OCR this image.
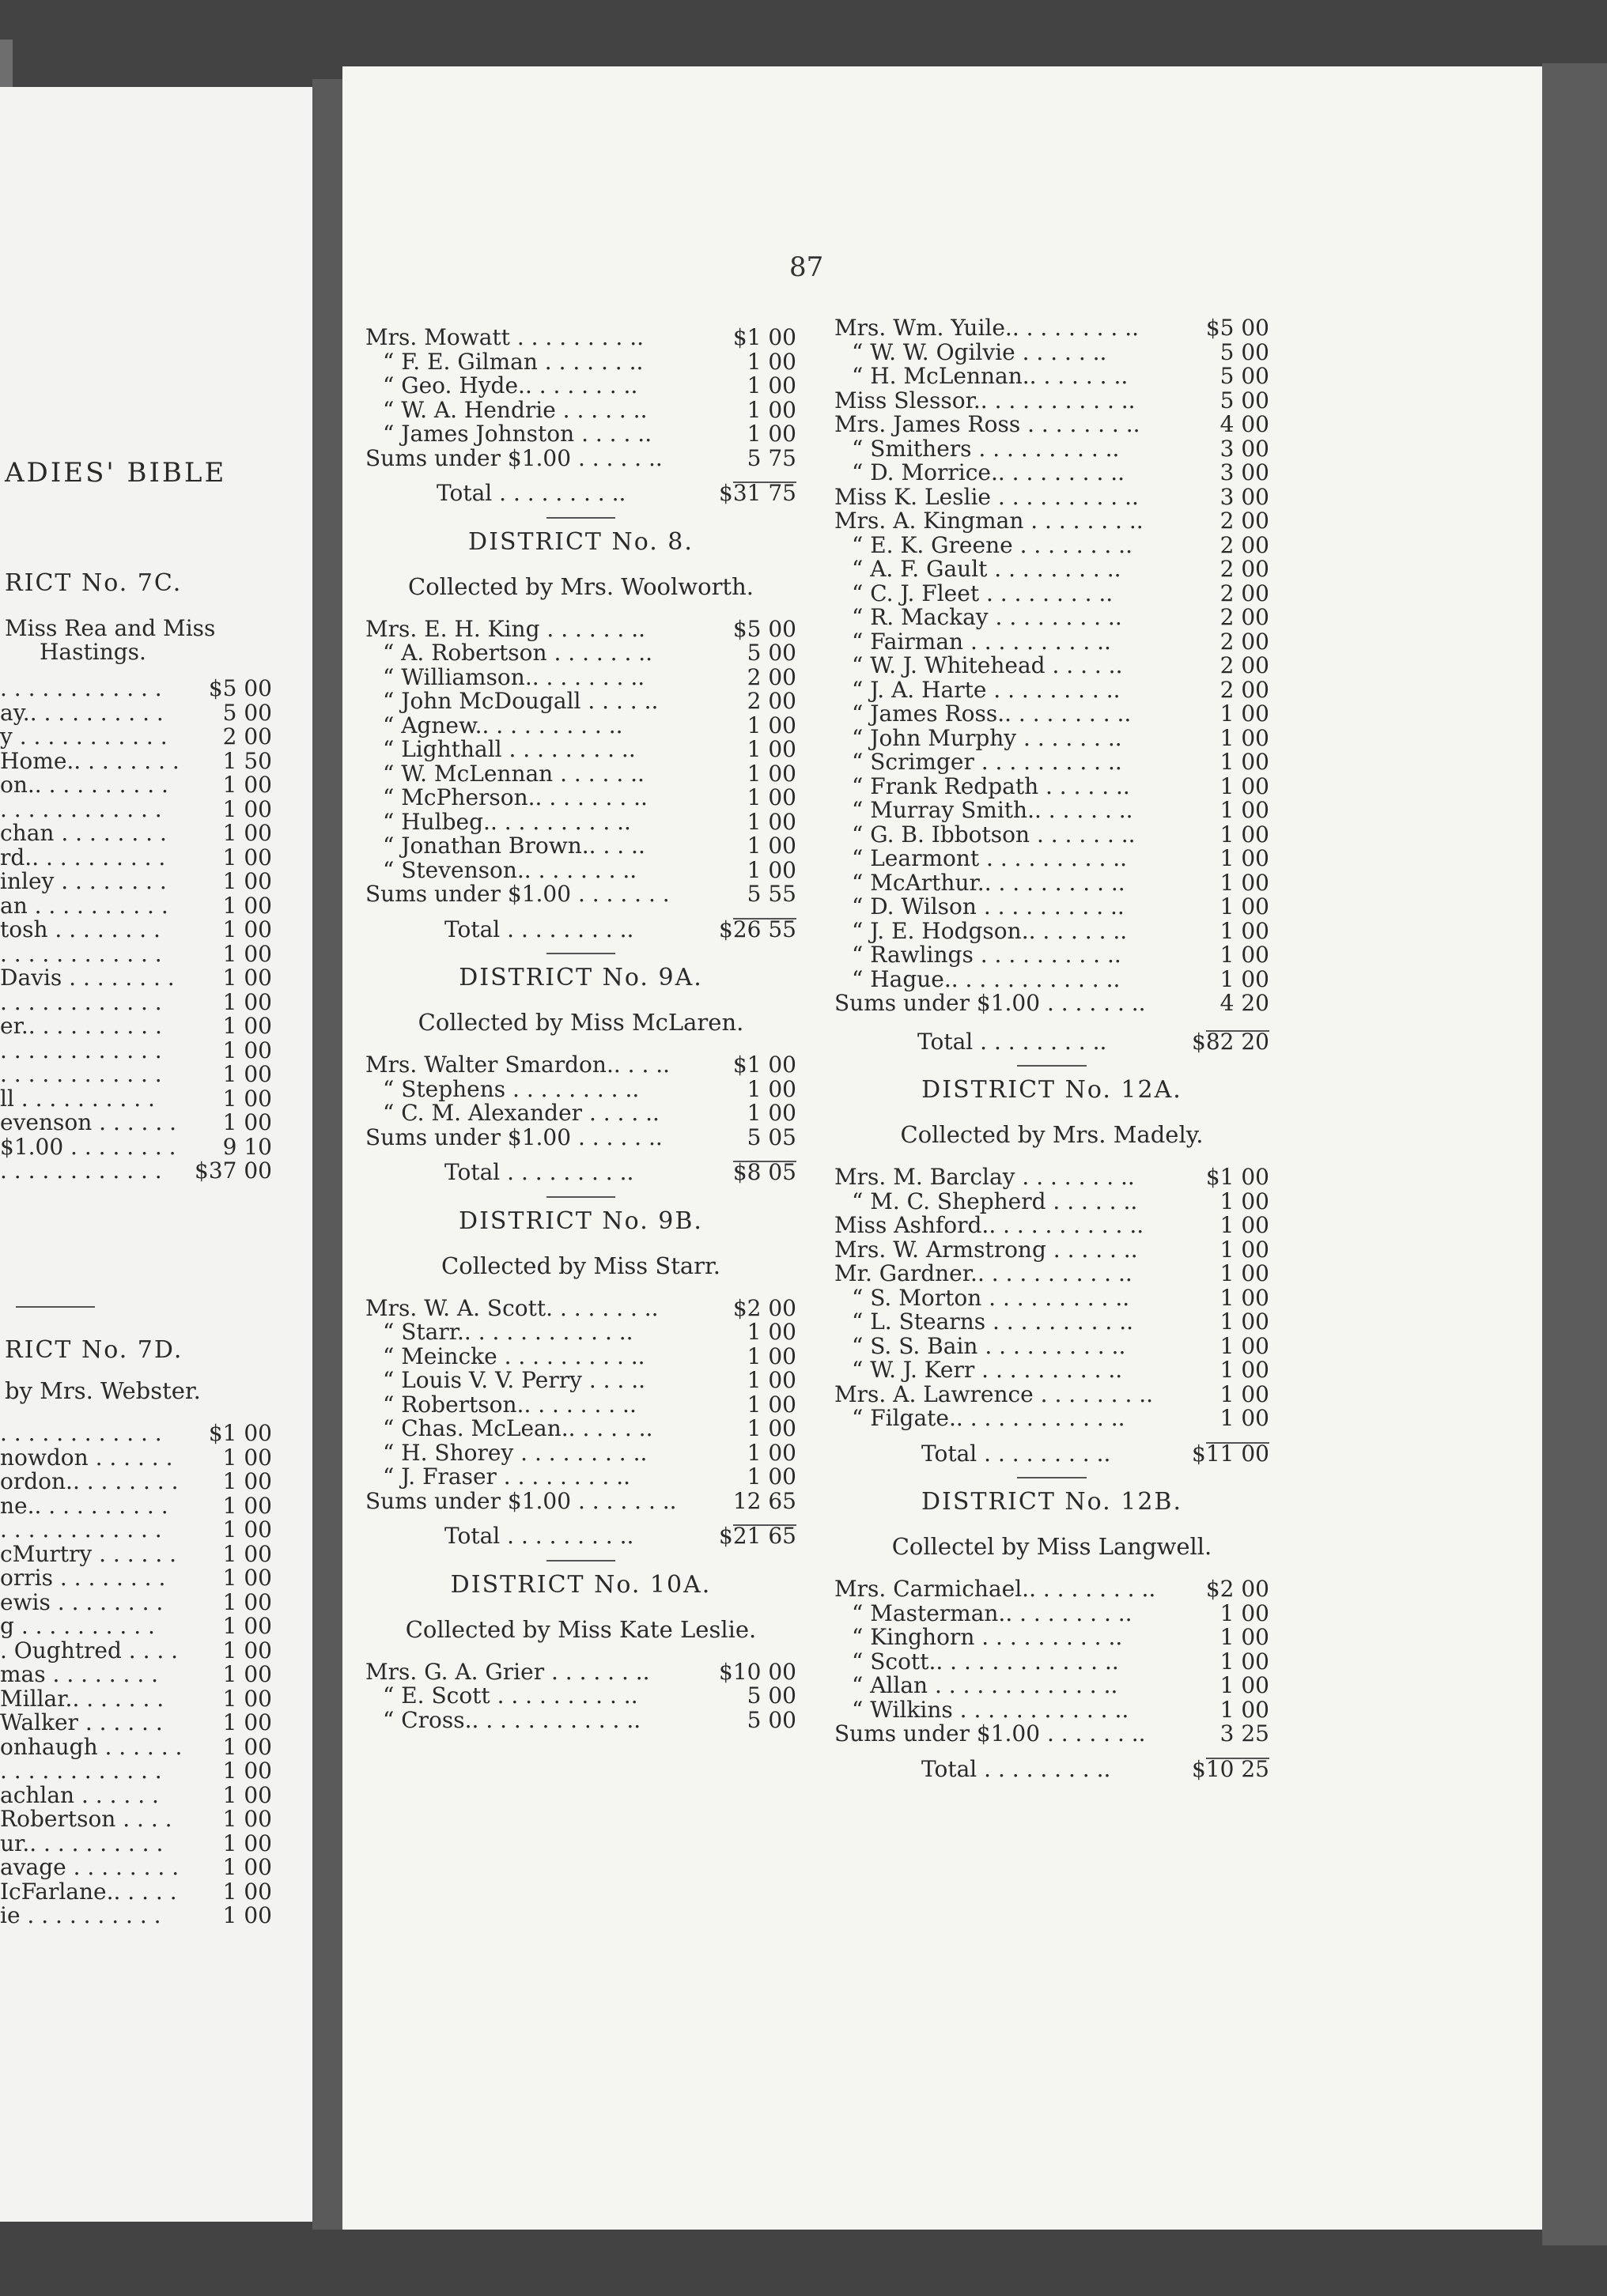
ADIES' BIBLE
RICT No. 7C.
Miss Rea and Miss
Hastings.
. . . . . . . . . . . . $5 00
ay.. . . . . . . . . .	5 00
y . . . . . . . . . . .	2 00
Home.. . . . . . . . 1 50
on.. . . . . . . . . . 1 00
. . . . . . . . . . . .	1 00
chan . . . . . . . .	1 00
rd.. . . . . . . . . .	1 00
inley . . . . . . . .	1 00
an . . . . . . . . . . 1 00
tosh . . . . . . . .	1 00
. . . . . . . . . . . .	1 00
Davis . . . . . . . . 1 00
. . . . . . . . . . . .	1 00
er.. . . . . . . . . .	1 00
. . . . . . . . . . . .	1 00
. . . . . . . . . . . .	1 00
ll . . . . . . . . . .	1 00
evenson . . . . . . 1 00
$1.00 . . . . . . . . 9 10
. . . . . . . . . . . . $37 00
RICT No. 7D.
by Mrs. Webster.
. . . . . . . . . . . . $1 00
nowdon . . . . . . 1 00
ordon.. . . . . . . . 1 00
ne.. . . . . . . . . . 1 00
. . . . . . . . . . . .	1 00
cMurtry . . . . . . 1 00
orris . . . . . . . .	1 00
ewis . . . . . . . .	1 00
g . . . . . . . . . .	1 00
. Oughtred . . . . 1 00
mas . . . . . . . .	1 00
Millar.. . . . . . .	1 00
Walker . . . . . .	1 00
onhaugh . . . . . . 1 00
. . . . . . . . . . . .	1 00
achlan . . . . . .	1 00
Robertson . . . . 1 00
ur.. . . . . . . . . .	1 00
avage . . . . . . . . 1 00
IcFarlane.. . . . . 1 00
ie . . . . . . . . . .	1 00
87
Mrs. Mowatt . . . . . . . . ..	$1 00
“ F. E. Gilman . . . . . . ..	1 00
“ Geo. Hyde.. . . . . . . ..	1 00
“ W. A. Hendrie . . . . . ..	1 00
“ James Johnston . . . . ..	1 00
Sums under $1.00 . . . . . ..	5 75
Total . . . . . . . . ..	$31 75
DISTRICT No. 8.
Collected by Mrs. Woolworth.
Mrs. E. H. King . . . . . . ..	$5 00
“ A. Robertson . . . . . . ..	5 00
“ Williamson.. . . . . . . ..	2 00
“ John McDougall . . . . ..	2 00
“ Agnew.. . . . . . . . . ..	1 00
“ Lighthall . . . . . . . . ..	1 00
“ W. McLennan . . . . . ..	1 00
“ McPherson.. . . . . . . ..	1 00
“ Hulbeg.. . . . . . . . . ..	1 00
“ Jonathan Brown.. . . ..	1 00
“ Stevenson.. . . . . . . ..	1 00
Sums under $1.00 . . . . . . .	5 55
Total . . . . . . . . ..	$26 55
DISTRICT No. 9A.
Collected by Miss McLaren.
Mrs. Walter Smardon.. . . ..	$1 00
“ Stephens . . . . . . . . ..	1 00
“ C. M. Alexander . . . . ..	1 00
Sums under $1.00 . . . . . ..	5 05
Total . . . . . . . . ..	$8 05
DISTRICT No. 9B.
Collected by Miss Starr.
Mrs. W. A. Scott. . . . . . . ..	$2 00
“ Starr.. . . . . . . . . . . ..	1 00
“ Meincke . . . . . . . . . ..	1 00
“ Louis V. V. Perry . . . ..	1 00
“ Robertson.. . . . . . . ..	1 00
“ Chas. McLean.. . . . . ..	1 00
“ H. Shorey . . . . . . . . ..	1 00
“ J. Fraser . . . . . . . . ..	1 00
Sums under $1.00 . . . . . . ..	12 65
Total . . . . . . . . ..	$21 65
DISTRICT No. 10A.
Collected by Miss Kate Leslie.
Mrs. G. A. Grier . . . . . . ..	$10 00
“ E. Scott . . . . . . . . . ..	5 00
“ Cross.. . . . . . . . . . . ..	5 00
Mrs. Wm. Yuile.. . . . . . . . ..	$5 00
“ W. W. Ogilvie . . . . . ..	5 00
“ H. McLennan.. . . . . . ..	5 00
Miss Slessor.. . . . . . . . . . ..	5 00
Mrs. James Ross . . . . . . . ..	4 00
“ Smithers . . . . . . . . . ..	3 00
“ D. Morrice.. . . . . . . . ..	3 00
Miss K. Leslie . . . . . . . . . ..	3 00
Mrs. A. Kingman . . . . . . . ..	2 00
“ E. K. Greene . . . . . . . ..	2 00
“ A. F. Gault . . . . . . . . ..	2 00
“ C. J. Fleet . . . . . . . . ..	2 00
“ R. Mackay . . . . . . . . ..	2 00
“ Fairman . . . . . . . . . ..	2 00
“ W. J. Whitehead . . . . ..	2 00
“ J. A. Harte . . . . . . . . ..	2 00
“ James Ross.. . . . . . . . ..	1 00
“ John Murphy . . . . . . ..	1 00
“ Scrimger . . . . . . . . . ..	1 00
“ Frank Redpath . . . . . ..	1 00
“ Murray Smith.. . . . . . ..	1 00
“ G. B. Ibbotson . . . . . . ..	1 00
“ Learmont . . . . . . . . . ..	1 00
“ McArthur.. . . . . . . . . ..	1 00
“ D. Wilson . . . . . . . . . ..	1 00
“ J. E. Hodgson.. . . . . . ..	1 00
“ Rawlings . . . . . . . . . ..	1 00
“ Hague.. . . . . . . . . . . ..	1 00
Sums under $1.00 . . . . . . ..	4 20
Total . . . . . . . . ..	$82 20
DISTRICT No. 12A.
Collected by Mrs. Madely.
Mrs. M. Barclay . . . . . . . ..	$1 00
“ M. C. Shepherd . . . . . ..	1 00
Miss Ashford.. . . . . . . . . . ..	1 00
Mrs. W. Armstrong . . . . . ..	1 00
Mr. Gardner.. . . . . . . . . . ..	1 00
“ S. Morton . . . . . . . . . ..	1 00
“ L. Stearns . . . . . . . . . ..	1 00
“ S. S. Bain . . . . . . . . . ..	1 00
“ W. J. Kerr . . . . . . . . . ..	1 00
Mrs. A. Lawrence . . . . . . . ..	1 00
“ Filgate.. . . . . . . . . . . ..	1 00
Total . . . . . . . . ..	$11 00
DISTRICT No. 12B.
Collectel by Miss Langwell.
Mrs. Carmichael.. . . . . . . . .. $2 00
“ Masterman.. . . . . . . . ..	1 00
“ Kinghorn . . . . . . . . . ..	1 00
“ Scott.. . . . . . . . . . . . ..	1 00
“ Allan . . . . . . . . . . . . ..	1 00
“ Wilkins . . . . . . . . . . . ..	1 00
Sums under $1.00 . . . . . . ..	3 25
Total . . . . . . . . ..	$10 25
